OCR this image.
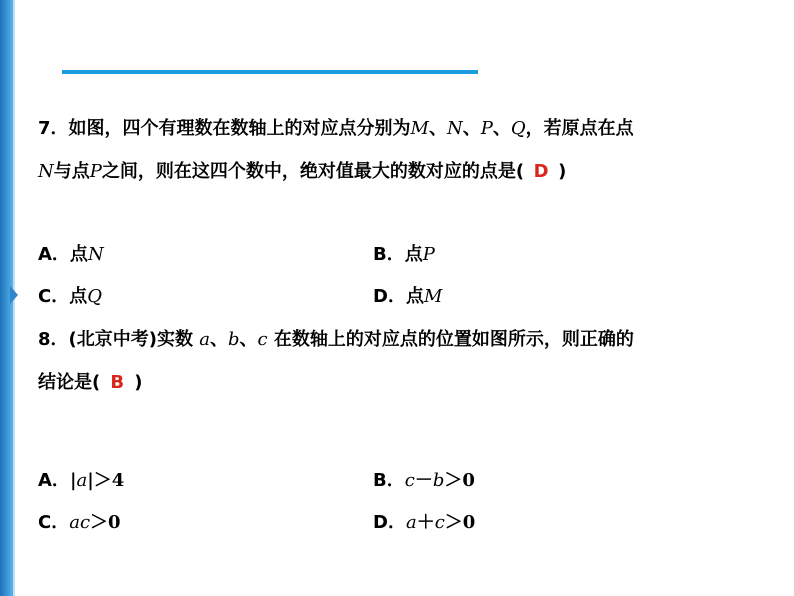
7．如图，四个有理数在数轴上的对应点分别为M、N、P、Q，若原点在点
N与点P之间，则在这四个数中，绝对值最大的数对应的点是( D )
A．点N	B．点P
C．点Q	D．点M
8．(北京中考)实数 a、b、c 在数轴上的对应点的位置如图所示，则正确的
结论是( B )
A．|a|＞4	B．c－b＞0
C．ac＞0	D．a＋c＞0
